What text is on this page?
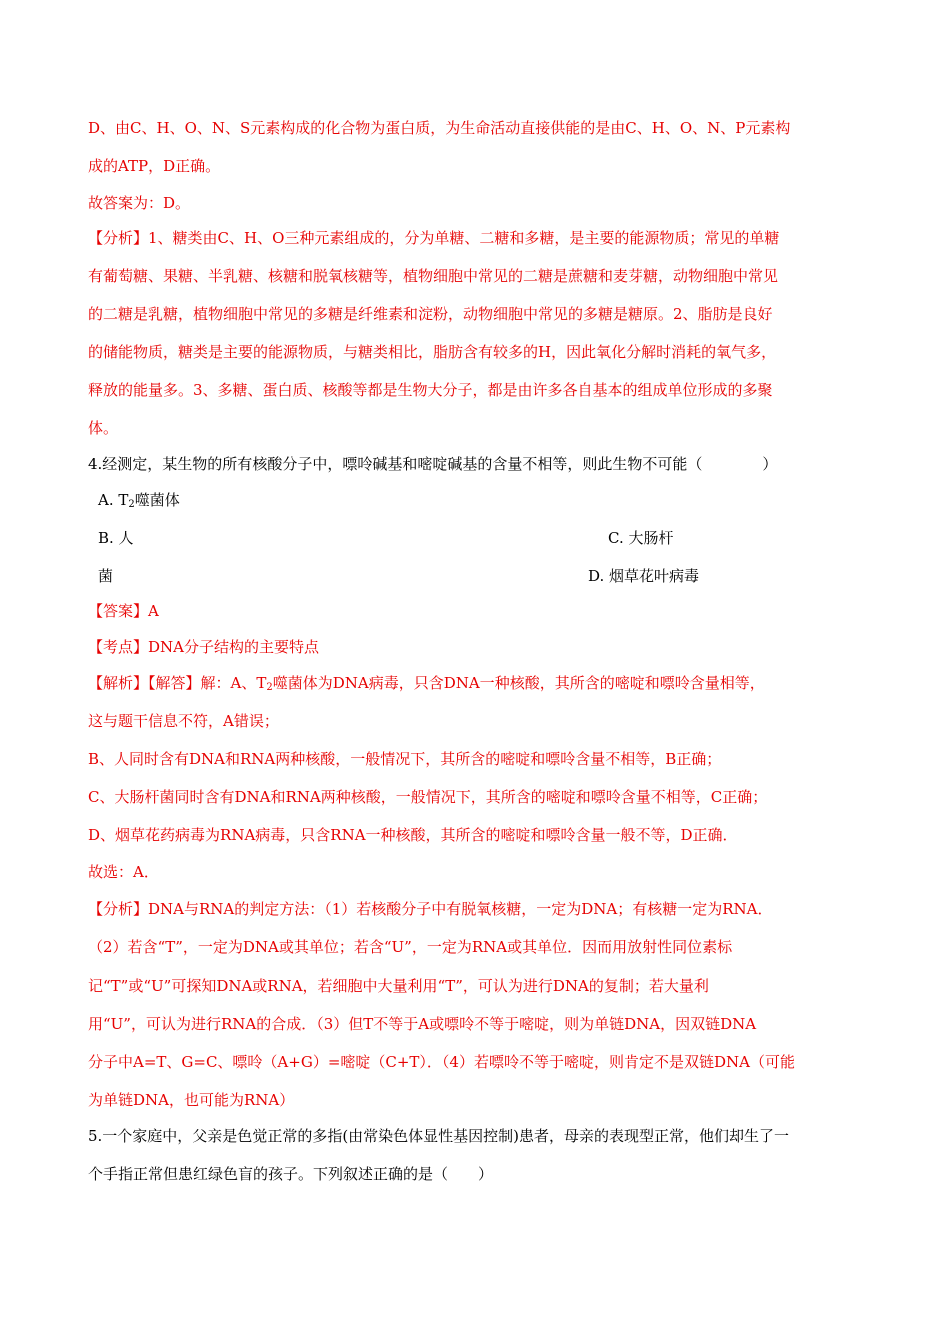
D、由C、H、O、N、S元素构成的化合物为蛋白质，为生命活动直接供能的是由C、H、O、N、P元素构
成的ATP，D正确。
故答案为：D。
【分析】1、糖类由C、H、O三种元素组成的，分为单糖、二糖和多糖，是主要的能源物质；常见的单糖
有葡萄糖、果糖、半乳糖、核糖和脱氧核糖等，植物细胞中常见的二糖是蔗糖和麦芽糖，动物细胞中常见
的二糖是乳糖，植物细胞中常见的多糖是纤维素和淀粉，动物细胞中常见的多糖是糖原。2、脂肪是良好
的储能物质，糖类是主要的能源物质，与糖类相比，脂肪含有较多的H，因此氧化分解时消耗的氧气多，
释放的能量多。3、多糖、蛋白质、核酸等都是生物大分子，都是由许多各自基本的组成单位形成的多聚
体。
4.经测定，某生物的所有核酸分子中，嘌呤碱基和嘧啶碱基的含量不相等，则此生物不可能（　　　　）
A. $T_2$噬菌体
B. 人	C. 大肠杆
菌	D. 烟草花叶病毒
【答案】A
【考点】DNA分子结构的主要特点
【解析】【解答】解：A、$T_2$噬菌体为DNA病毒，只含DNA一种核酸，其所含的嘧啶和嘌呤含量相等，
这与题干信息不符，A错误；
B、人同时含有DNA和RNA两种核酸，一般情况下，其所含的嘧啶和嘌呤含量不相等，B正确；
C、大肠杆菌同时含有DNA和RNA两种核酸，一般情况下，其所含的嘧啶和嘌呤含量不相等，C正确；
D、烟草花药病毒为RNA病毒，只含RNA一种核酸，其所含的嘧啶和嘌呤含量一般不等，D正确．
故选：A．
【分析】DNA与RNA的判定方法：（1）若核酸分子中有脱氧核糖，一定为DNA；有核糖一定为RNA．
（2）若含“T”，一定为DNA或其单位；若含“U”，一定为RNA或其单位．因而用放射性同位素标
记“T”或“U”可探知DNA或RNA，若细胞中大量利用“T”，可认为进行DNA的复制；若大量利
用“U”，可认为进行RNA的合成．（3）但T不等于A或嘌呤不等于嘧啶，则为单链DNA，因双链DNA
分子中A=T、G=C、嘌呤（A+G）=嘧啶（C+T）．（4）若嘌呤不等于嘧啶，则肯定不是双链DNA（可能
为单链DNA，也可能为RNA）
5.一个家庭中，父亲是色觉正常的多指(由常染色体显性基因控制)患者，母亲的表现型正常，他们却生了一
个手指正常但患红绿色盲的孩子。下列叙述正确的是（　　）
